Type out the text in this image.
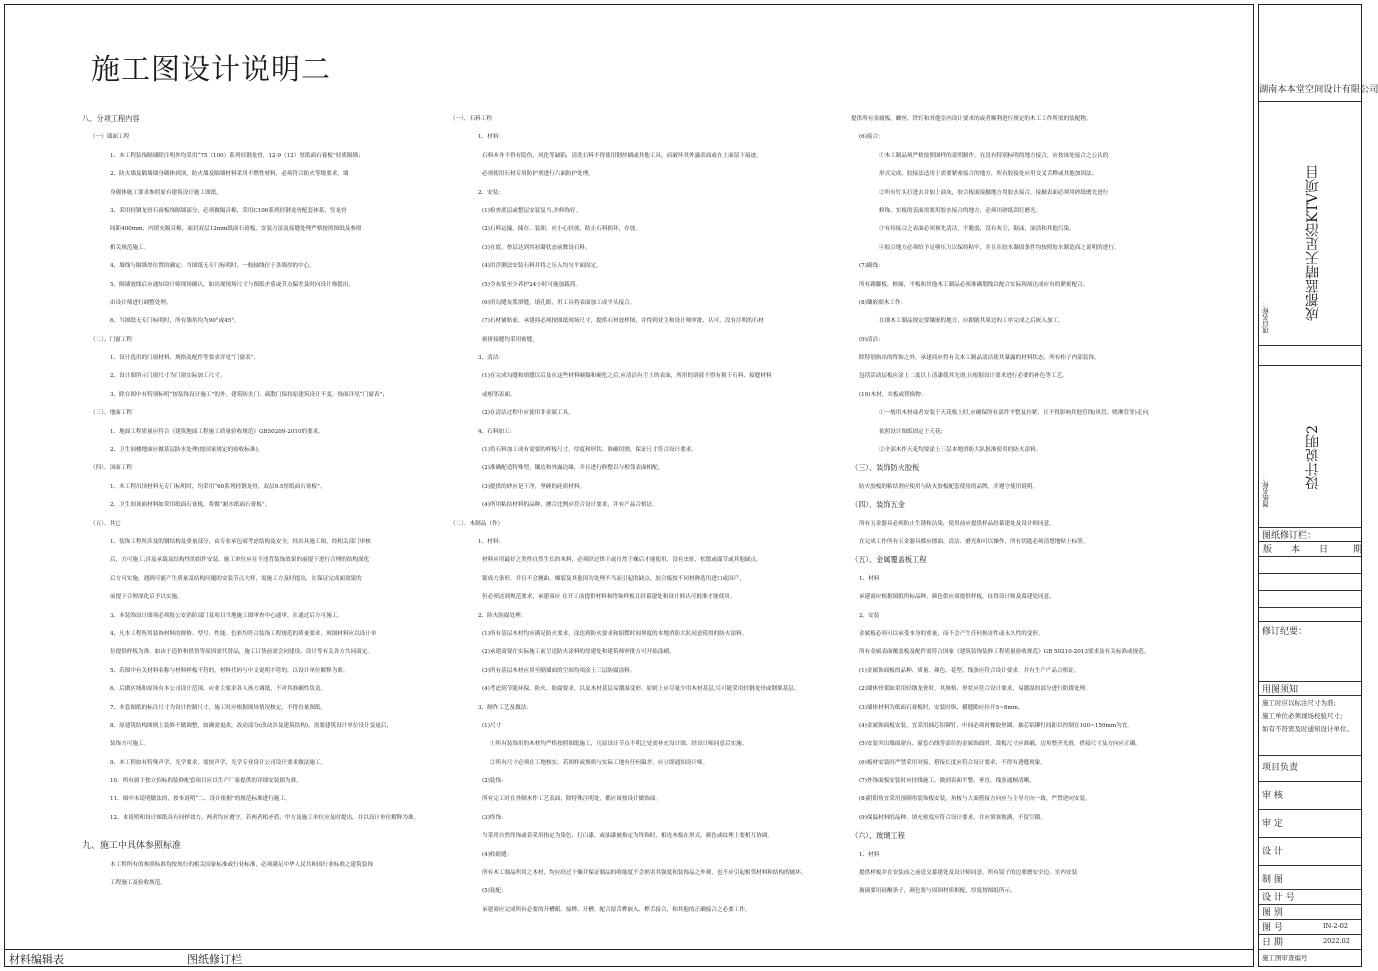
施工图设计说明二
八、分项工程内容
（一）墙面工程
1、本工程装饰隔墙除注明外均采用“75（100）系列轻钢龙骨，12-9（12）厚纸面石膏板”轻质隔墙；
2、防火墙及隔墙墙身砌体到顶，防火墙及隔墙材料采用不燃性材料，必须符合防火等级要求，墙
身砌体施工要求参照原有建筑设计施工图纸。
3、采用轻钢龙骨石膏板饰隔墙部分，必须做隔音棉，采用C100系列轻钢龙骨配套体系，竖龙骨
间距400mm，内填充隔音棉，面封双层12mm纸面石膏板，安装方法及接缝处理严格按照图纸及参照
相关规范施工。
4、墙线与隔墙厚位置的确定：当图纸无专门标明时，一般轴线位于各墙厚的中心。
5、隔墙放线后应通知设计师现场确认，如出现现场尺寸与图纸矛盾或节点偏差及时向设计师提出，
由设计师进行调整处理。
6、当图纸无专门标明时，所有墙角均为90°或45°。
（二）、门窗工程
1、设计选用的门窗材料、规格及配件等要求详见“门窗表”。
2、设计图所示门窗尺寸为门窗实际加工尺寸。
3、除在图中有特别标明“按装饰设计施工”的外，建筑防火门、疏散门保持原建筑设计不变，饰面详见“门窗表”；
（三）、地面工程
1、地面工程质量应符合《建筑地面工程施工质量验收规范》GB50209-2010的要求。
2、卫生间楼地面应做基层防水处理(按国家规定的验收标准)。
（四）、顶面工程
1、本工程吊顶材料无专门标明时，均采用“60系列轻钢龙骨，双层9.5厚纸面石膏板”。
2、卫生间顶面材料如采用纸面石膏板，将做“耐水纸面石膏板”。
（五）、其它
1、装饰工程所涉及的钢结构及重量部分，由专业承包商考虑结构及安全，经出具施工图，经相关部门审核
后，方可施工;涉及承载及结构性的组件安装，施工单位应在不违背装饰效果的前提下进行合理的结构深化
后方可实施。遇到可能产生质量及结构问题的安装节点大样，需施工方及时提出，在保证完成面效果的
前提下合理深化后予以实施。
3、本装饰设计图须必须报公安消防部门及项目当地施工图审查中心通审，在通过后方可施工。
4、凡本工程所用装饰材料的规格、型号、性能、色彩均符合装饰工程规范的质量要求，须图材料应以设计单
位提供样板为准。如由于造价和供货等原因需代替品，施工订货前需会同建设、设计等有关各方共同商定。
5、若图中有关材料名称与材料样板不符的，材料代码与中文说明不符的，以设计单位解释为准。
6、后做区域和原场有本公司设计范围，应业主要求各人孩方调纸，不对其准确性负责。
7、本套图纸的标注尺寸为设计控制尺寸，施工时应根据现场情况核定，不得直量图纸。
8、原建筑结构图则上装修不做调整，如确需更改，改动部分(改动涉及建筑结构)，需要建筑设计单位设计变更后，
装饰方可施工。
9、本工程如有特殊声学、光学要求，需按声学、光学专业设计公司设计要求做法施工。
10、所有属于独立招标的装修配套项目应以生产厂家提供的详细安装图为准。
11、图中未说明做法的，按本说明“二、设计依据”的规范标准进行施工。
12、本说明和设计图纸具有同样效力，两者均应遵守，若两者相矛盾，甲方及施工单位应及时提出，并以设计单位解释为准。
九、施工中具体参照标准
本工程所有的参照标准均按现行的相关国家标准或行业标准，必须满足中华人民共和国行业标准之建筑装饰
工程施工及验收规范。
（一）、石料工程
1、材料：
石料本身不得有隐伤，风化等缺陷，清洗石料不得使用钢丝刷或其他工具，而破坏其外露表面或在上面留下痕迹，
必须使用石材专用防护剂进行六面防护处理。
2、安装：
(1)检查底层或整层安装复当,并修饰好。
(2)石料运输，储存，装卸，应小心轻放，防止石料损坏，存放。
(3)在底，垫层达到其初凝状态前敷设石料。
(4)用浮测法安装石料并将之压入均匀平面固定。
(5)令灰浆至少养护24小时可施加载荷。
(6)用勾缝灰浆填缝，填孔眼，用工具将表面加工成平头接合。
(7)石材铺贴前，承建商必须按图纸现场尺寸，提供石材放样图，并得到业主和设计师审批、认可，没有注明的石材
密拼接缝均采用密缝。
3、清洁：
(1)在完成勾缝和填缝以后及在这些材料硬凝和硬化之后,应清洁有尘土的表面，所用的溶液不得有损于石料、接缝材料
或相邻表面。
(2)在清洁过程中应使用非金属工具。
4、石料加工：
(1)将石料加工成有需要的样板尺寸、厚度和形状、准确切割，保证尺寸符合设计要求。
(2)准确配造特殊型，镶边和外露边缘，并且进行修整以与相邻表面相配。
(3)提供的砂应是干净，坚硬的硅质材料。
(4)所用粘结材料的品种，掺合比例应符合设计要求，并有产品合格证。
（二）、木制品（作）
1、材料：
材料应用最好之类性自然生长的木料，必须经过烘干或自然干燥后才能使用，没有虫蛀，松散或腐节或其他缺点，
锯成方条形，并且不会翘曲，爆裂及其他因为处理不当而引起的缺点，胶合板按不同材种选用进口或国产，
但必须达到规范要求，承建商应 在开工前提供材料和终饰样板且经幕建处和设计师认可批准才能使用。
2、防火防腐处理：
(1)所有基层木材均应满足防火要求，涂达到防火要求和阻燃时间界度的本地消防大队同意使用的防火涂料。
(2)承建商要在实际施工前呈送防火涂料的厚建处和建筑师审批方可开始涂刷。
(3)所有基层木材应用至隔墙面的空间均须涂上三层防腐涂料。
(4)考虑到节能环保、防火、防腐要求，以及木材基层易潮湿变形，原则上应尽量少用木材基层,尽可能采用轻钢龙骨或钢架基层。
3、制作工艺及做法：
(1)尺寸
①所有装饰用的木材均严格按照图纸施工，凡原设计节点不明之处需补充设计图，经设计师同意后实施。
②所有尺寸必须在工地核实，若图样或规格与实际工地有任何偏差，应立即通知设计师。
(2)装饰：
所有完工时在外制木作工艺表面，除特殊注明处，都应该按设计做饰面。
(3)终饰：
当采用自然终饰或着采用指定为染色，打白漆，或油漆被指定为终饰时，相连木板在形式，颜色或纹理上要相互协调。
(4)收缩缝：
所有木工制品所用之木材，均应经过干燥并保证制品的收缩度不会损害其强度和装饰品之外观，也不应引起相邻材料和结构的破坏。
(5)装配：
承建商应完成所有必要的开槽眼、接榫、开槽、配合留舌榫嵌入、榫舌接合，和其他的正确接合之必要工作。
提供所有金属板，螺丝，铁钉和其他室内设计要求的或者顺利进行规定的木工工作所需的装配物。
(6)接合：
①木工制品须严格按照图样的说明制作，在没有特别标明的地方接合，应按该处接合之公认的
形式完成，胶接法适用于需要紧密接合的地方，所有胶接处应用交叉舌榫或其他加固法。
②所有钉头打进去并加上油灰，胶合板面接触地方用胶水接合，接触表面必须用砂纸磨光进行
修饰，实板的表面需要用胶水接合的地方，必须用砂纸刮打磨光。
③有待接合之表面必须预先清洁，不脆弱，没有灰尘，锯沫，油渍和其他污染。
④胶合地方必须给予足够压力以保持粘牢，并且在胶水凝固条件均按照胶水制造商之说明的进行。
(7)踢线：
所有踢脚板，框缘，平板和其他木工制品必须准确划线以配合实际现场达成应有的紧密配合。
(8)镶嵌细木工作：
在细木工制品规定要镶嵌的地方，应跟随其周边的工序完成之后嵌入加工。
(9)清洁：
除特别指出的终饰之外，承建商应将有关木工制品清洁使其暴露的材料状态，所有柜子内部装饰，
包括活动层板应涂上二度以上清漆使其光滑,且根据设计要求进行必要的补色等工艺。
(10)木材、夹板或替换物：
①一般用木材或者安装于天花板上时,应确保所有部件平整及拉紧，且不得影响其他管线(风管、喷淋管等)走向,
依照设计图纸固定于天花;
②全部木作天花均要涂上三层本地消防大队批准使用的防火涂料。
（三）、装饰防火胶板
防火胶板的粘结剂应使用与防火胶板配套使用的品牌，并遵守使用说明。
（四）、装饰五金
所有五金器具必须防止生锈和沾染，使用前应提供样品经幕建处及设计师同意。
在完成工作所有五金器具都应擦油、清洁、磨光和可以操作，所有钥匙必须清楚地贴上标签。
（五）、金属覆盖板工程
1、材料
承建商应根据图纸所标品种、颜色供应商提供样板，征得设计师及幕建处同意。
2、安装
金属板必须可以承受本身的重量，而不会产生任何损害性或永久性的变形。
所有金属表面覆盖板及配件需符合国家《建筑装饰装修工程质量验收规范》GB 50210-2013要求及有关标准或规范。
(1)金属饰面板的品种、质量、颜色、花型、线条应符合设计要求，并有生产产品合格证。
(2)墙体骨架如采用轻钢龙骨时，其规格、形状应符合设计要求，易潮湿的部分进行防锈处理。
(3)墙体材料为纸面石膏板时，安装时纵、横缝隙应拉开5~8mm。
(4)金属饰面板安装，宜采用抽芯铝铆钉，中间必须衬橡胶垫圈。抽芯铝铆钉间距以控制在100~150mm为宜。
(5)安装突出墙面窗台、窗套凸线等部位的金属饰面时，裁板尺寸应准确，边角整齐光滑，搭接尺寸及方向应正确。
(6)板材安装时严禁采用对接，搭接长度应符合设计要求，不得有透缝现象。
(7)外饰面板安装时应挂线施工，做到表面平整、垂直，线条通顺清晰。
(8)阴阳角宜采用预制角装饰板安装，角板与大面搭接方向应与主导方向一致，严禁逆向安装。
(9)保温材料的品种、填充密度应符合设计要求，并应填塞饱满，不留空隙。
（六）、玻璃工程
1、材料
提供样板并在安装前之前送交幕建处及设计师同意，所有镜子的边要磨安全边，室内安装
玻璃要用硅酮条子，颜色要与周围材质相配，厚度按图纸所示。
材料编辑表	图纸修订栏
湖南本本堂空间设计有限公司
项目名称：	成都蓝晴天足浴KTV项目
图纸名称：
设计说明2
图纸修订栏：
版 本 日	期
修订纪要：
用图须知
施工时应以标注尺寸为准;
施工单位必须现场校验尺寸;
如有不符需及时通知设计单位。
项目负责
审 核
审 定
设 计
制 图
设 计 号
图 别
图 号	IN-2-02
日 期	2022.02
施工图审查编号
